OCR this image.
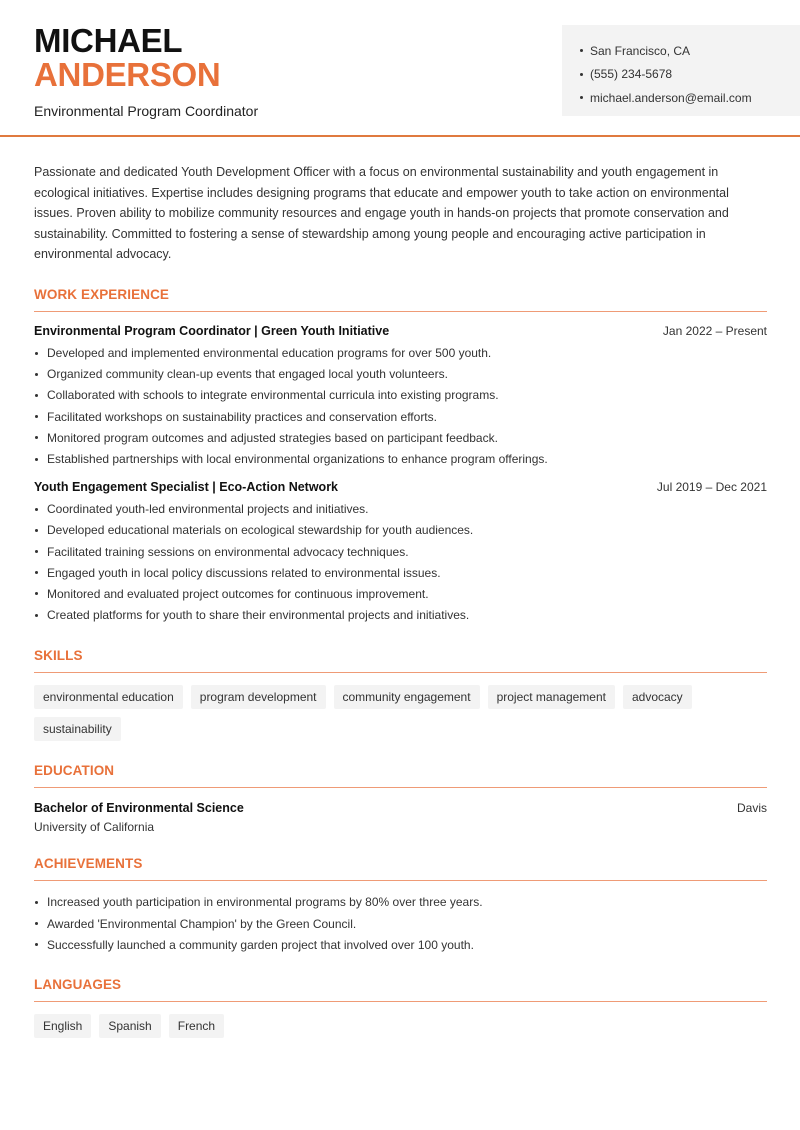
MICHAEL
ANDERSON
Environmental Program Coordinator
San Francisco, CA
(555) 234-5678
michael.anderson@email.com

Passionate and dedicated Youth Development Officer with a focus on environmental sustainability and youth engagement in ecological initiatives. Expertise includes designing programs that educate and empower youth to take action on environmental issues. Proven ability to mobilize community resources and engage youth in hands-on projects that promote conservation and sustainability. Committed to fostering a sense of stewardship among young people and encouraging active participation in environmental advocacy.

WORK EXPERIENCE
Environmental Program Coordinator | Green Youth Initiative	Jan 2022 – Present
Developed and implemented environmental education programs for over 500 youth.
Organized community clean-up events that engaged local youth volunteers.
Collaborated with schools to integrate environmental curricula into existing programs.
Facilitated workshops on sustainability practices and conservation efforts.
Monitored program outcomes and adjusted strategies based on participant feedback.
Established partnerships with local environmental organizations to enhance program offerings.
Youth Engagement Specialist | Eco-Action Network	Jul 2019 – Dec 2021
Coordinated youth-led environmental projects and initiatives.
Developed educational materials on ecological stewardship for youth audiences.
Facilitated training sessions on environmental advocacy techniques.
Engaged youth in local policy discussions related to environmental issues.
Monitored and evaluated project outcomes for continuous improvement.
Created platforms for youth to share their environmental projects and initiatives.
SKILLS
environmental education	program development	community engagement	project management	advocacy
sustainability
EDUCATION
Bachelor of Environmental Science	Davis
University of California
ACHIEVEMENTS
Increased youth participation in environmental programs by 80% over three years.
Awarded 'Environmental Champion' by the Green Council.
Successfully launched a community garden project that involved over 100 youth.
LANGUAGES
English	Spanish	French
